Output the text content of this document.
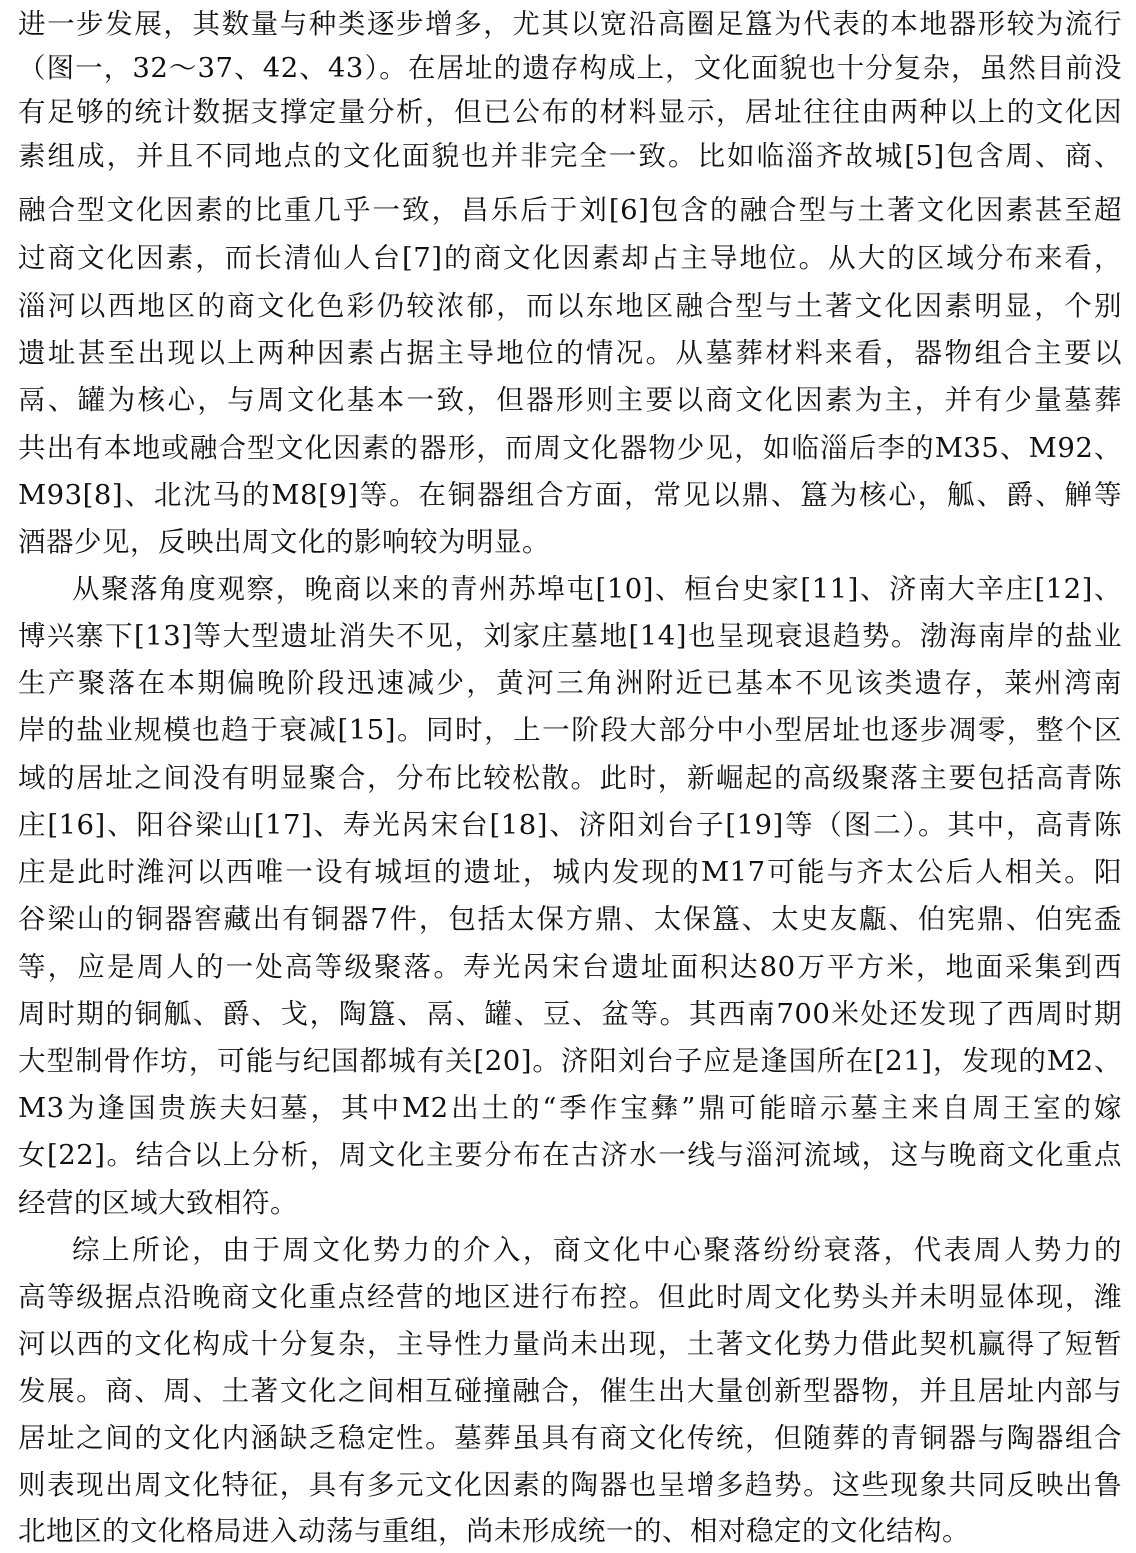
进一步发展，其数量与种类逐步增多，尤其以宽沿高圈足簋为代表的本地器形较为流行
（图一，32～37、42、43）。在居址的遗存构成上，文化面貌也十分复杂，虽然目前没
有足够的统计数据支撑定量分析，但已公布的材料显示，居址往往由两种以上的文化因
素组成，并且不同地点的文化面貌也并非完全一致。比如临淄齐故城[5]包含周、商、
融合型文化因素的比重几乎一致，昌乐后于刘[6]包含的融合型与土著文化因素甚至超
过商文化因素，而长清仙人台[7]的商文化因素却占主导地位。从大的区域分布来看，
淄河以西地区的商文化色彩仍较浓郁，而以东地区融合型与土著文化因素明显，个别
遗址甚至出现以上两种因素占据主导地位的情况。从墓葬材料来看，器物组合主要以
鬲、罐为核心，与周文化基本一致，但器形则主要以商文化因素为主，并有少量墓葬
共出有本地或融合型文化因素的器形，而周文化器物少见，如临淄后李的M35、M92、
M93[8]、北沈马的M8[9]等。在铜器组合方面，常见以鼎、簋为核心，觚、爵、觯等
酒器少见，反映出周文化的影响较为明显。
从聚落角度观察，晚商以来的青州苏埠屯[10]、桓台史家[11]、济南大辛庄[12]、
博兴寨下[13]等大型遗址消失不见，刘家庄墓地[14]也呈现衰退趋势。渤海南岸的盐业
生产聚落在本期偏晚阶段迅速减少，黄河三角洲附近已基本不见该类遗存，莱州湾南
岸的盐业规模也趋于衰减[15]。同时，上一阶段大部分中小型居址也逐步凋零，整个区
域的居址之间没有明显聚合，分布比较松散。此时，新崛起的高级聚落主要包括高青陈
庄[16]、阳谷梁山[17]、寿光呙宋台[18]、济阳刘台子[19]等（图二）。其中，高青陈
庄是此时潍河以西唯一设有城垣的遗址，城内发现的M17可能与齐太公后人相关。阳
谷梁山的铜器窖藏出有铜器7件，包括太保方鼎、太保簋、太史友甗、伯宪鼎、伯宪盉
等，应是周人的一处高等级聚落。寿光呙宋台遗址面积达80万平方米，地面采集到西
周时期的铜觚、爵、戈，陶簋、鬲、罐、豆、盆等。其西南700米处还发现了西周时期
大型制骨作坊，可能与纪国都城有关[20]。济阳刘台子应是逢国所在[21]，发现的M2、
M3为逢国贵族夫妇墓，其中M2出土的“季作宝彝”鼎可能暗示墓主来自周王室的嫁
女[22]。结合以上分析，周文化主要分布在古济水一线与淄河流域，这与晚商文化重点
经营的区域大致相符。
综上所论，由于周文化势力的介入，商文化中心聚落纷纷衰落，代表周人势力的
高等级据点沿晚商文化重点经营的地区进行布控。但此时周文化势头并未明显体现，潍
河以西的文化构成十分复杂，主导性力量尚未出现，土著文化势力借此契机赢得了短暂
发展。商、周、土著文化之间相互碰撞融合，催生出大量创新型器物，并且居址内部与
居址之间的文化内涵缺乏稳定性。墓葬虽具有商文化传统，但随葬的青铜器与陶器组合
则表现出周文化特征，具有多元文化因素的陶器也呈增多趋势。这些现象共同反映出鲁
北地区的文化格局进入动荡与重组，尚未形成统一的、相对稳定的文化结构。
